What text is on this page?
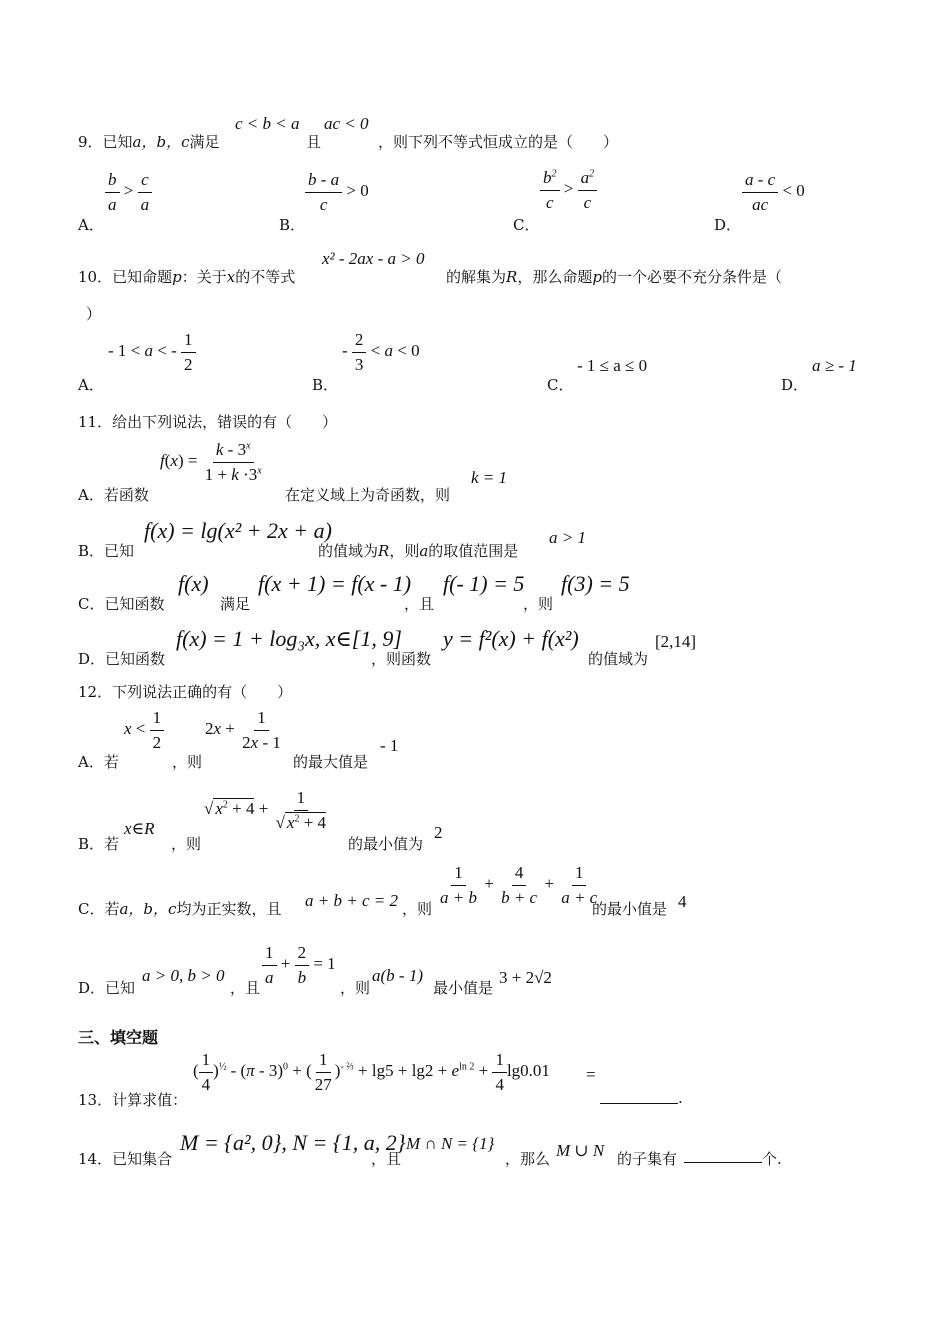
c < b < a ac < 0
9．已知a，b，c满足	且	，则下列不等式恒成立的是（　　）
$\frac{b}{a} > \frac{c}{a}$
A．
$\frac{b - a}{c} > 0$
B．
$\frac{b^2}{c} > \frac{a^2}{c}$
C．
$\frac{a - c}{ac} < 0$
D．
x² - 2ax - a > 0
10．已知命题p：关于x的不等式	的解集为R，那么命题p的一个必要不充分条件是（
）
- 1 < a < - $\frac{1}{2}$
A．
- $\frac{2}{3} < a < 0$
B．
- 1 ≤ a ≤ 0
C．
a ≥ - 1
D．
11．给出下列说法，错误的有（　　）
$f(x) = \frac{k - 3^x}{1 + k \cdot 3^x}$
A．若函数	在定义域上为奇函数，则
k = 1
f(x) = lg(x² + 2x + a)
B．已知	的值域为R，则a的取值范围是
a > 1
f(x)
C．已知函数	满足
f(x + 1) = f(x - 1)
，且
f(- 1) = 5
，则
f(3) = 5
f(x) = 1 + log₃x, x∈[1, 9]
D．已知函数	，则函数
y = f²(x) + f(x²)
的值域为
[2,14]
12．下列说法正确的有（　　）
$x < \frac{1}{2} 2x + \frac{1}{2x - 1}$
A．若	，则	的最大值是
- 1
√ $x^2 + 4 + \frac{1}{√ x^2 + 4}$
B．若
x∈R
，则	的最小值为
2
C．若a，b，c均为正实数，且 a + b + c = 2 ，则
$\frac{1}{a + b} + \frac{4}{b + c} + \frac{1}{a + c}$
的最小值是 4
D．已知
a > 0, b > 0
，且
$\frac{1}{a} + \frac{2}{b} = 1$
，则
a(b - 1)
最小值是
3 + 2√2
三、填空题
13．计算求值：
( $\frac{1}{4} )^{\frac{1}{2}} - (\pi - 3)^0$ + ( $\frac{1}{27} )^{- \frac{2}{3}} + \lg 5 + \lg 2 + e^{ln 2} + \frac{1}{4} \lg 0.01$ =
.
14．已知集合
M = {a², 0}, N = {1, a, 2}
，且
M ∩ N = {1}
，那么 M ∪ N 的子集有	个.
